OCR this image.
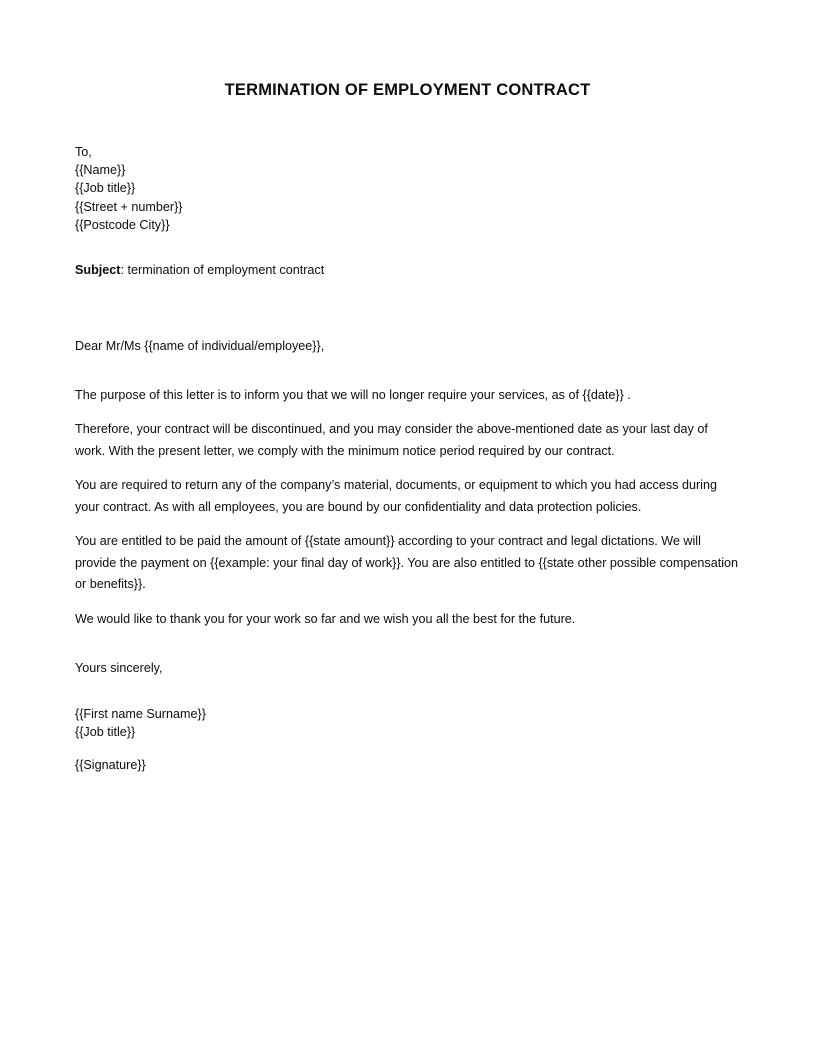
TERMINATION OF EMPLOYMENT CONTRACT
To,
{{Name}}
{{Job title}}
{{Street + number}}
{{Postcode City}}
Subject: termination of employment contract
Dear Mr/Ms {{name of individual/employee}},

The purpose of this letter is to inform you that we will no longer require your services, as of {{date}} .

Therefore, your contract will be discontinued, and you may consider the above-mentioned date as your last day of work. With the present letter, we comply with the minimum notice period required by our contract.

You are required to return any of the company’s material, documents, or equipment to which you had access during your contract. As with all employees, you are bound by our confidentiality and data protection policies.

You are entitled to be paid the amount of {{state amount}} according to your contract and legal dictations. We will provide the payment on {{example: your final day of work}}. You are also entitled to {{state other possible compensation or benefits}}.

We would like to thank you for your work so far and we wish you all the best for the future.

Yours sincerely,
{{First name Surname}}
{{Job title}}
{{Signature}}
